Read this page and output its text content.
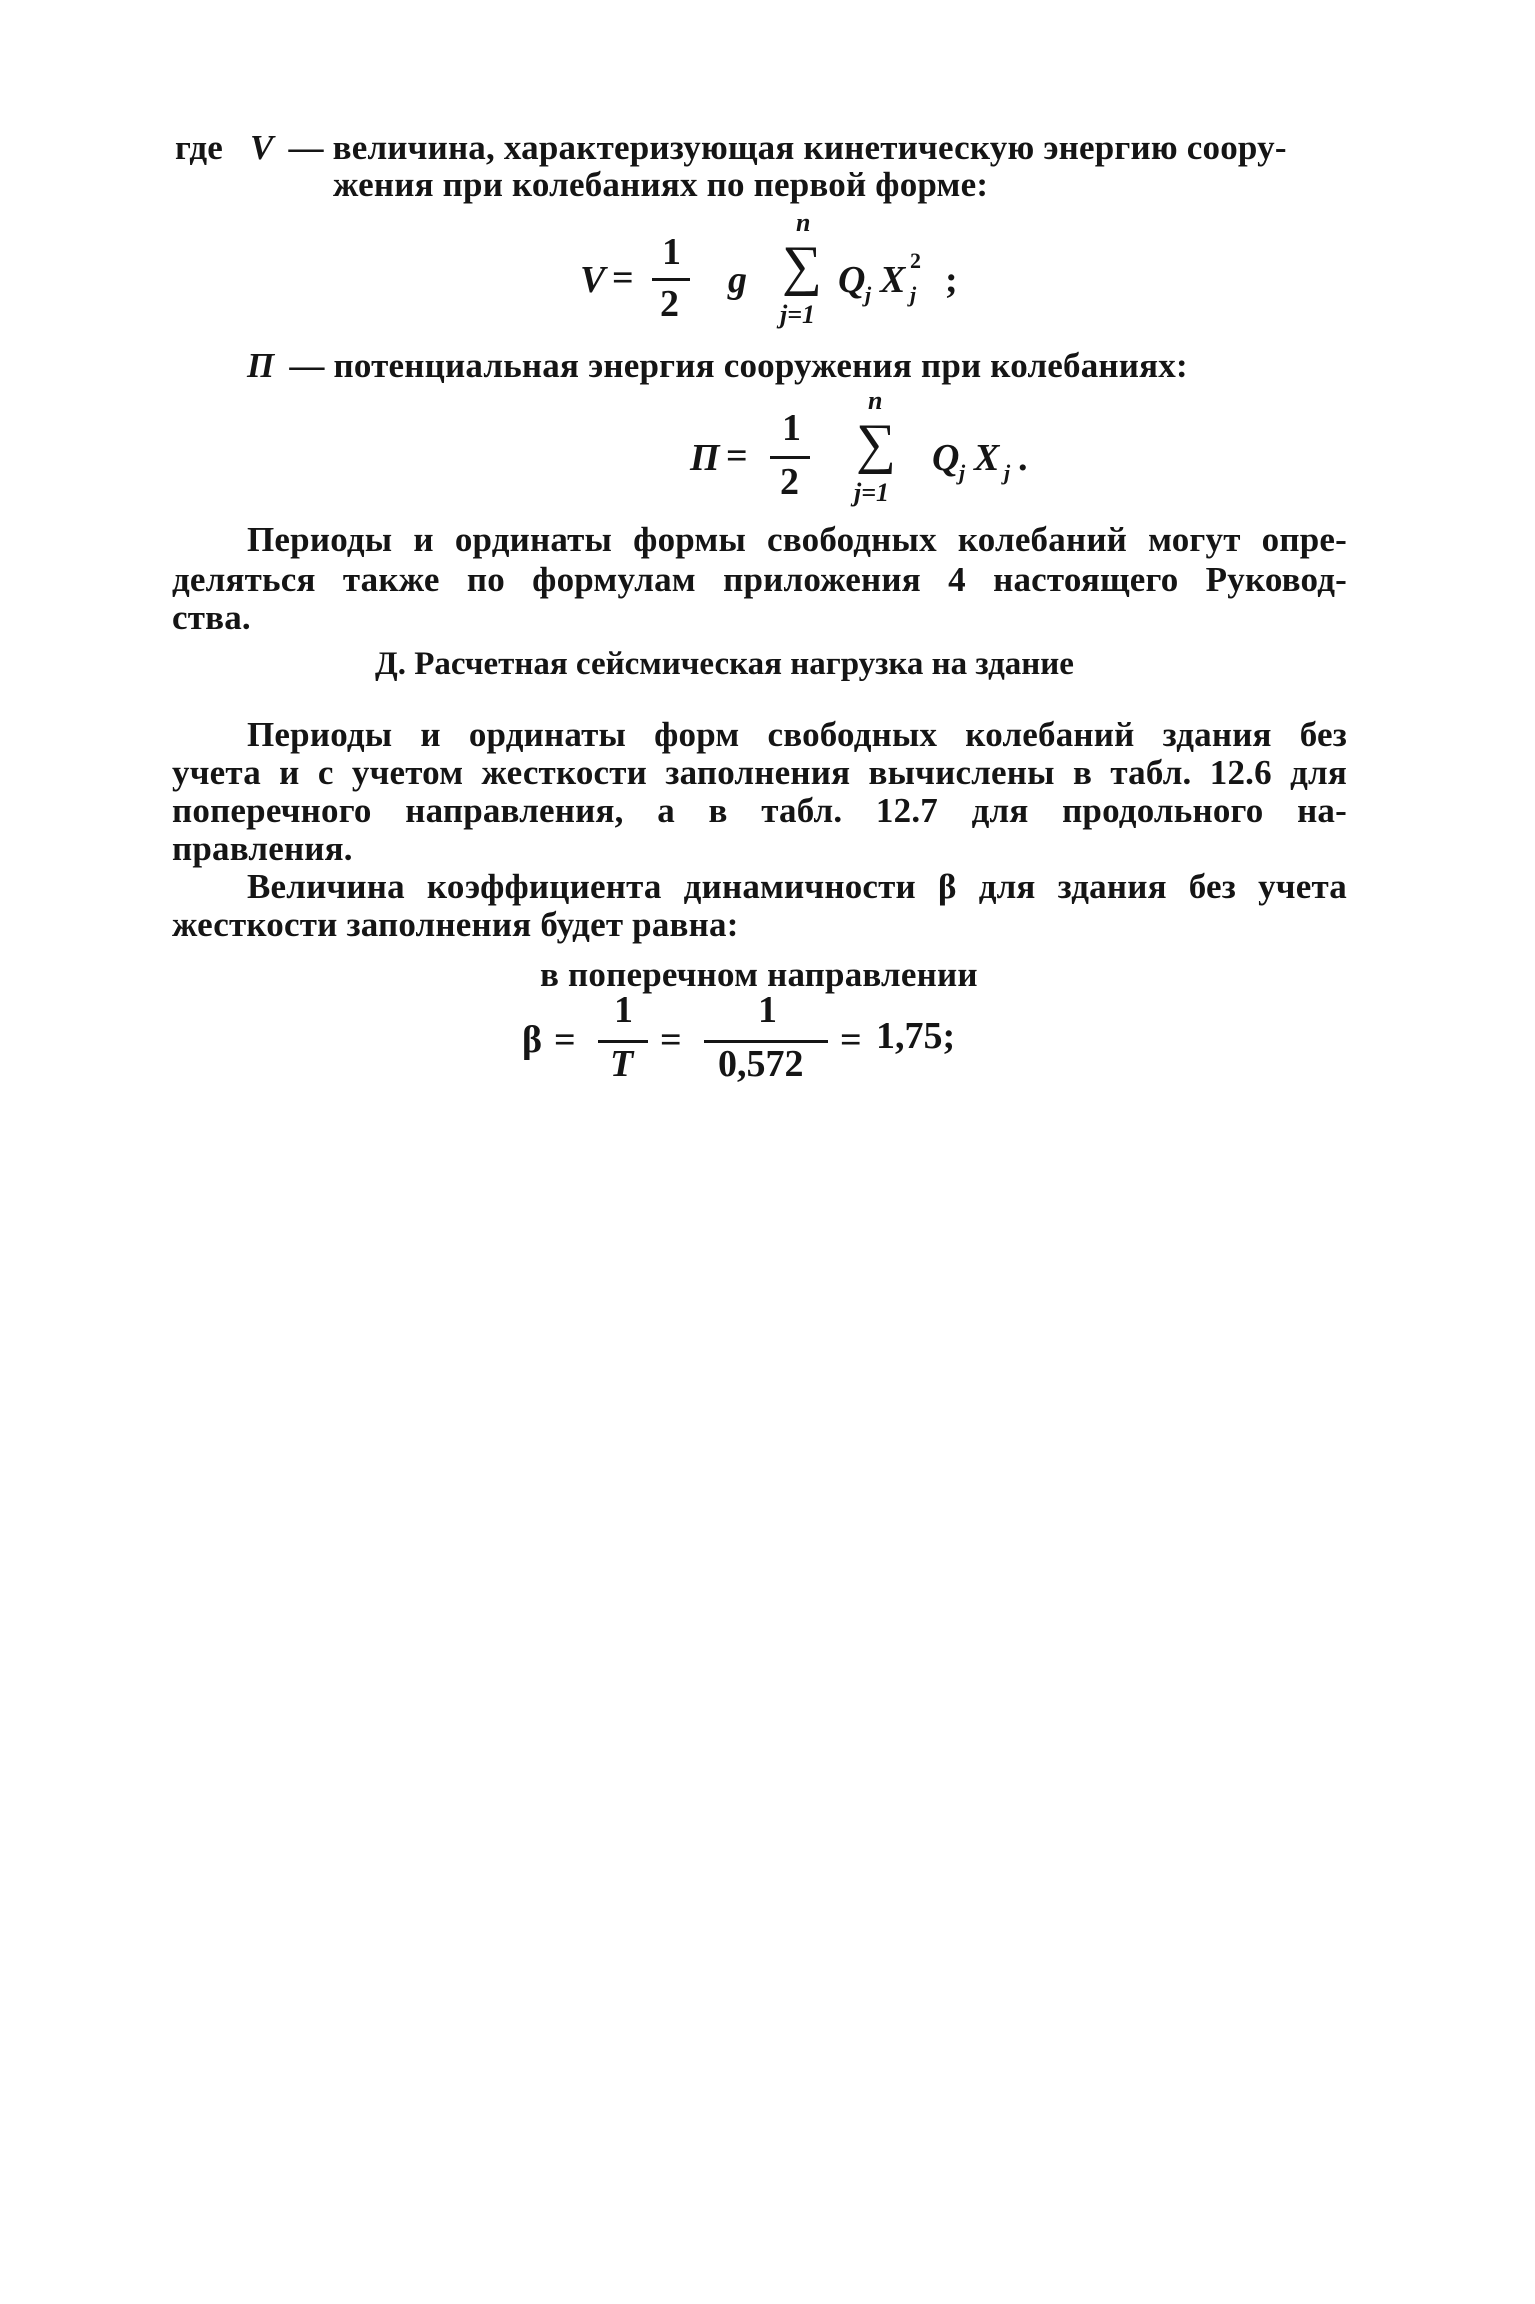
где V — величина, характеризующая кинетическую энергию соору-
жения при колебаниях по первой форме:
V =
1
2
g
n
∑
j=1
Q j X 2
j ;
П — потенциальная энергия сооружения при колебаниях:
П =
1
2
n
∑
j=1
Q j X j .
Периоды и ординаты формы свободных колебаний могут опре-
деляться также по формулам приложения 4 настоящего Руковод-
ства.
Д. Расчетная сейсмическая нагрузка на здание
Периоды и ординаты форм свободных колебаний здания без
учета и с учетом жесткости заполнения вычислены в табл. 12.6 для
поперечного направления, а в табл. 12.7 для продольного на-
правления.
Величина коэффициента динамичности β для здания без учета
жесткости заполнения будет равна:
в поперечном направлении
β =
1
T
=
1
0,572
= 1,75;
